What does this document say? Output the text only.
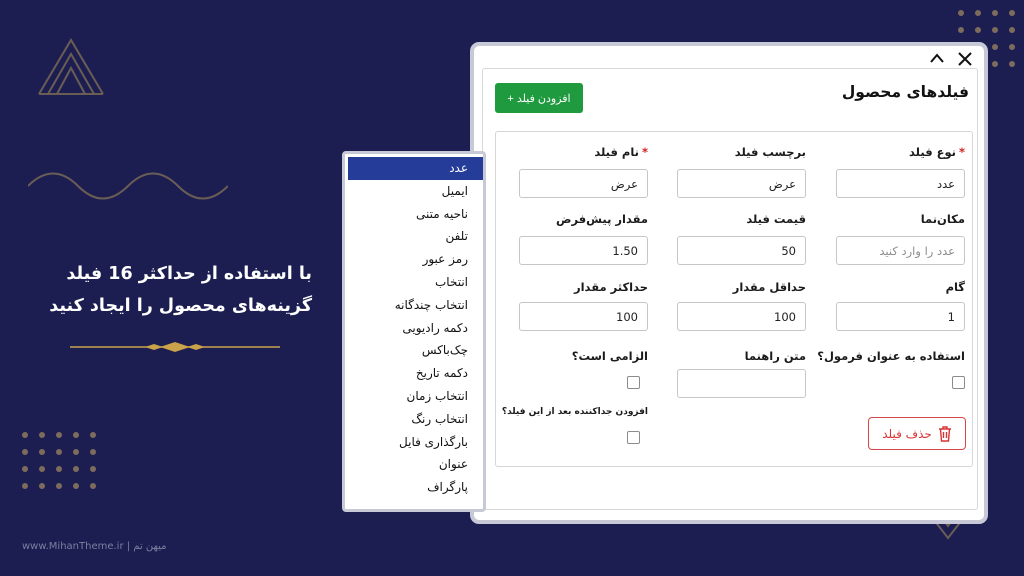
با استفاده از حداکثر 16 فیلد
گزینه‌های محصول را ایجاد کنید
www.MihanTheme.ir | میهن تم
فیلدهای محصول
افزودن فیلد +
*نوع فیلد
برچسب فیلد
*نام فیلد
عدد
عرض
عرض
مکان‌نما
قیمت فیلد
مقدار پیش‌فرض
عدد را وارد کنید
50
1.50
گام
حداقل مقدار
حداکثر مقدار
1
100
100
استفاده به عنوان فرمول؟
متن راهنما
الزامی است؟
افزودن جداکننده بعد از این فیلد؟
حذف فیلد
عدد
ایمیل
ناحیه متنی
تلفن
رمز عبور
انتخاب
انتخاب چندگانه
دکمه رادیویی
چک‌باکس
دکمه تاریخ
انتخاب زمان
انتخاب رنگ
بارگذاری فایل
عنوان
پارگراف
